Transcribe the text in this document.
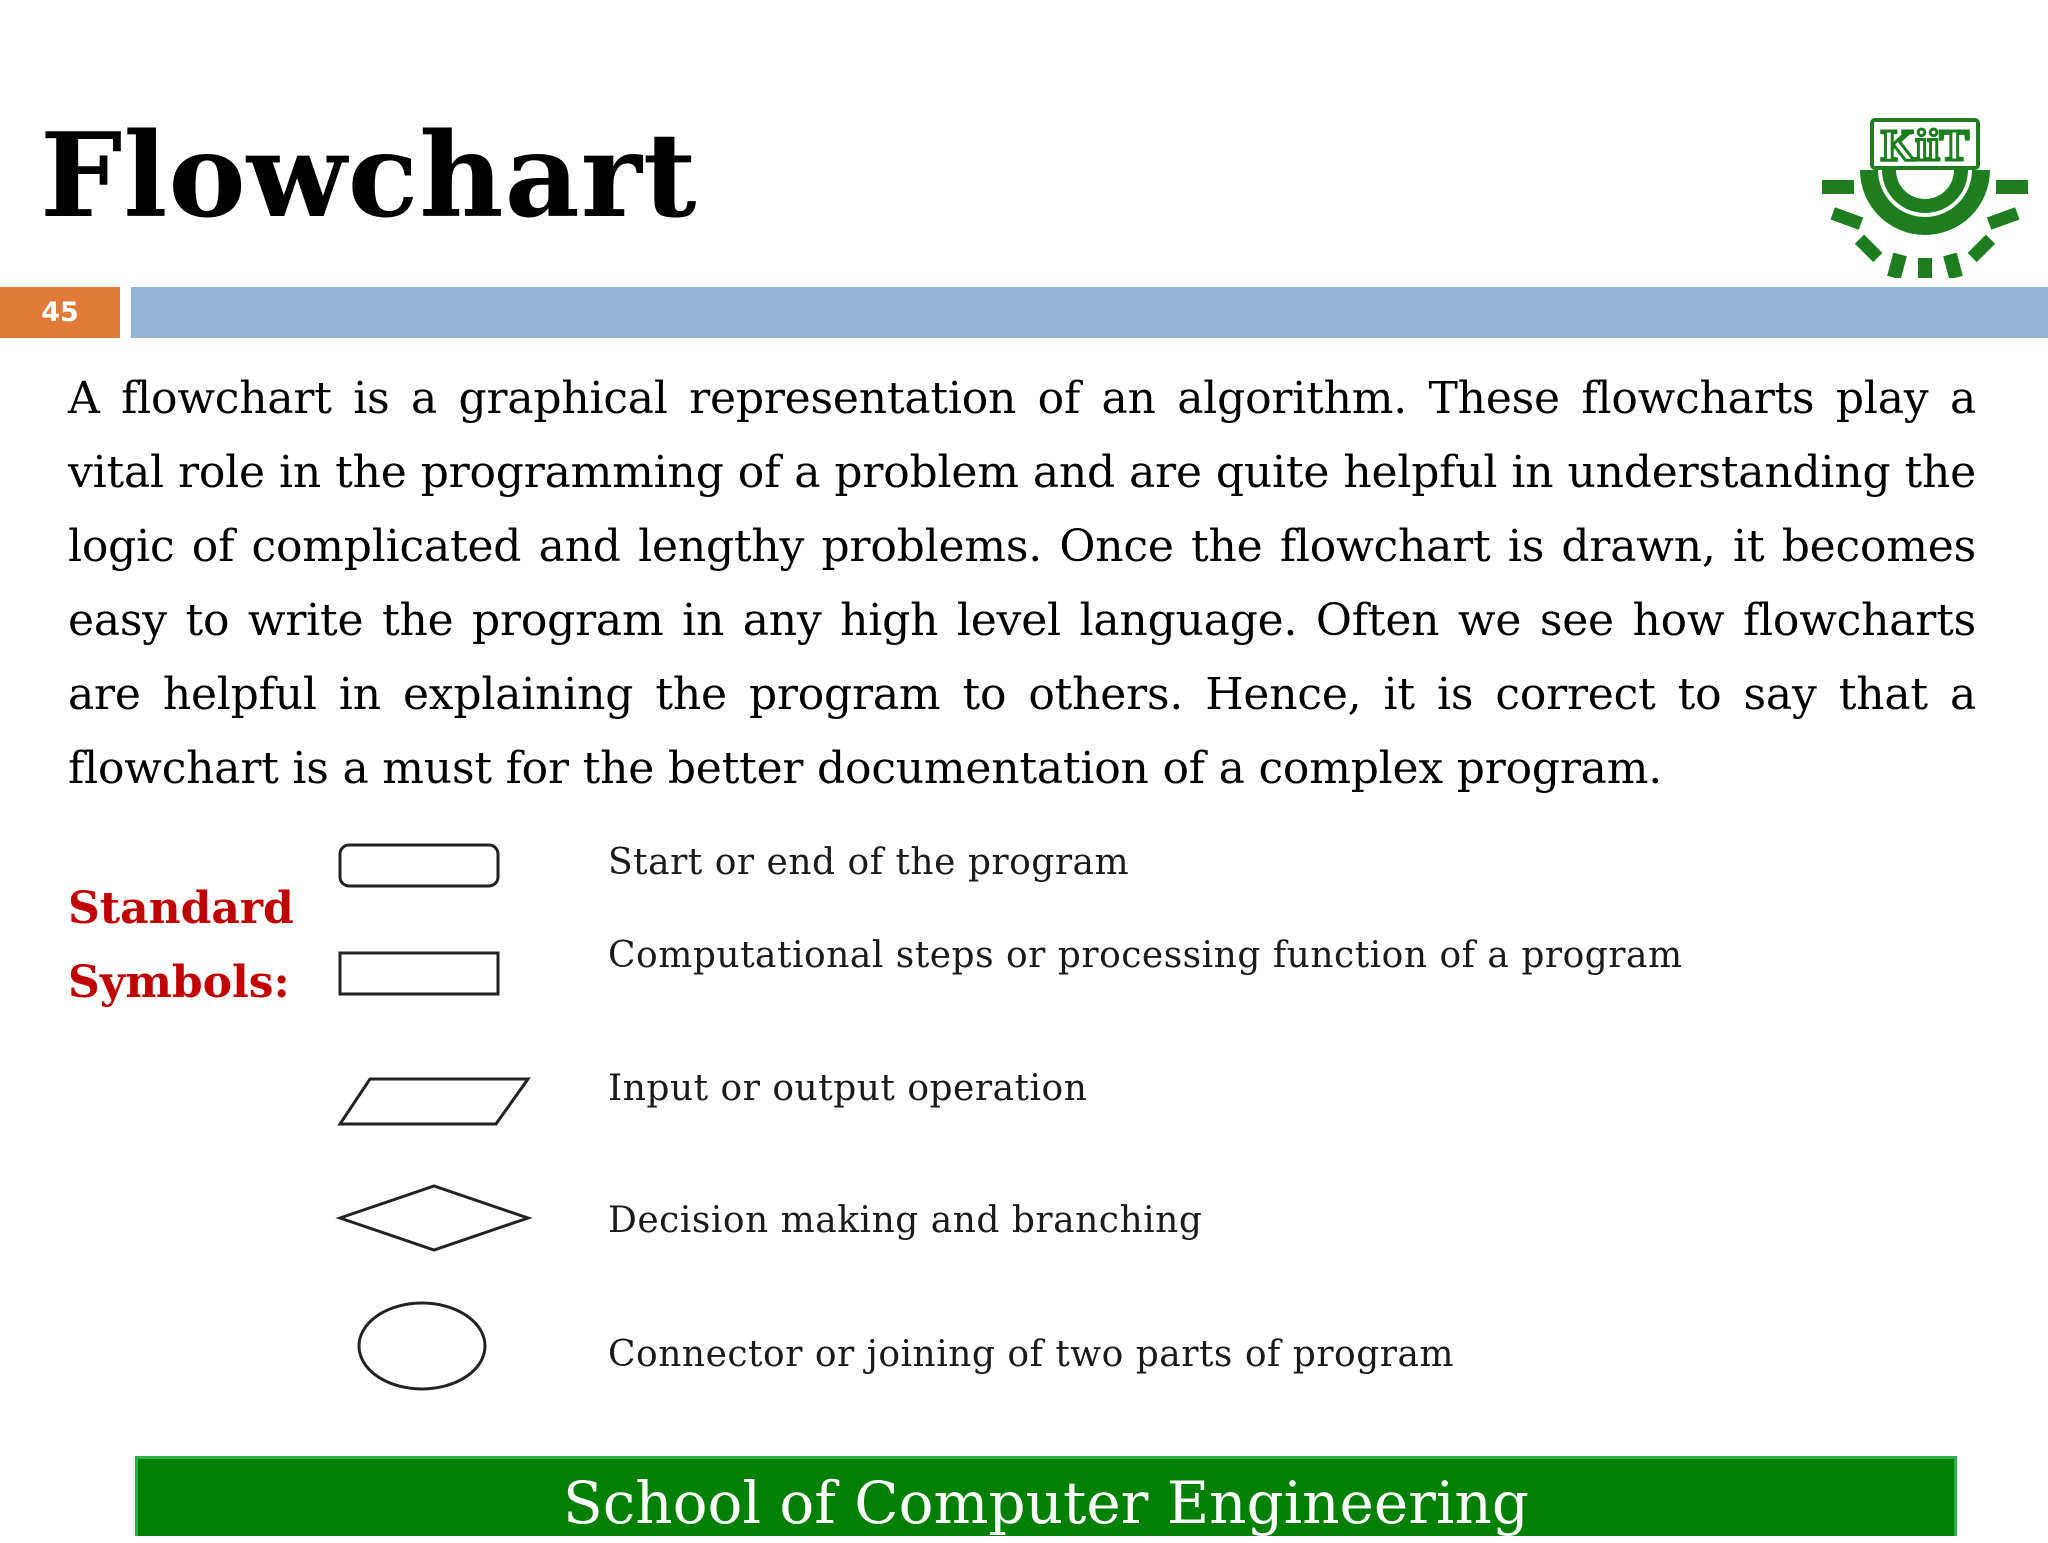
Flowchart	KiiT
45

A flowchart is a graphical representation of an algorithm. These flowcharts play a vital role in the programming of a problem and are quite helpful in understanding the logic of complicated and lengthy problems. Once the flowchart is drawn, it becomes easy to write the program in any high level language. Often we see how flowcharts are helpful in explaining the program to others. Hence, it is correct to say that a flowchart is a must for the better documentation of a complex program.

Standard
Symbols:
Start or end of the program
Computational steps or processing function of a program
Input or output operation
Decision making and branching
Connector or joining of two parts of program
School of Computer Engineering
